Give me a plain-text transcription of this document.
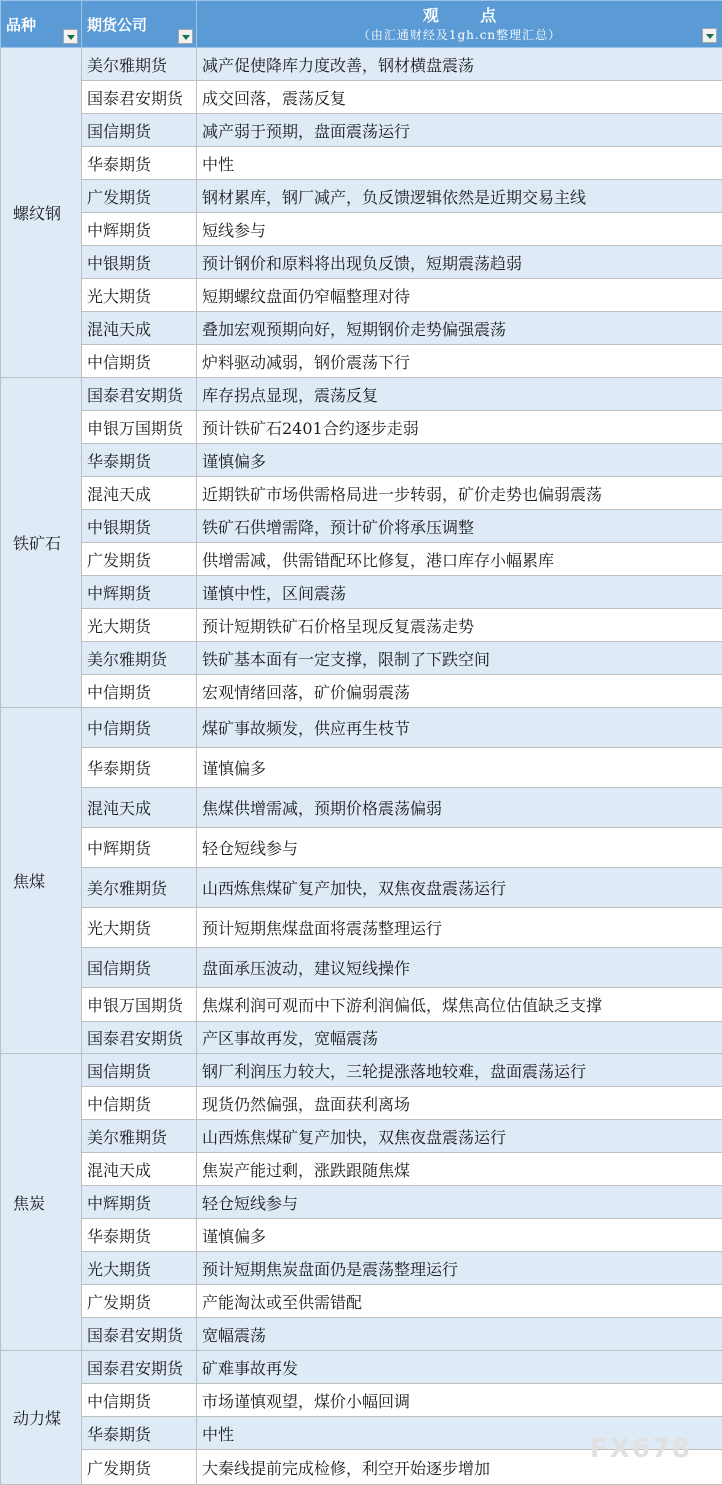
品种	期货公司	观 点
（由汇通财经及1gh.cn整理汇总）

螺纹钢	美尔雅期货	减产促使降库力度改善，钢材横盘震荡
	国泰君安期货	成交回落，震荡反复
	国信期货	减产弱于预期，盘面震荡运行
	华泰期货	中性
	广发期货	钢材累库，钢厂减产，负反馈逻辑依然是近期交易主线
	中辉期货	短线参与
	中银期货	预计钢价和原料将出现负反馈，短期震荡趋弱
	光大期货	短期螺纹盘面仍窄幅整理对待
	混沌天成	叠加宏观预期向好，短期钢价走势偏强震荡
	中信期货	炉料驱动减弱，钢价震荡下行
铁矿石	国泰君安期货	库存拐点显现，震荡反复
	申银万国期货	预计铁矿石2401合约逐步走弱
	华泰期货	谨慎偏多
	混沌天成	近期铁矿市场供需格局进一步转弱，矿价走势也偏弱震荡
	中银期货	铁矿石供增需降，预计矿价将承压调整
	广发期货	供增需减，供需错配环比修复，港口库存小幅累库
	中辉期货	谨慎中性，区间震荡
	光大期货	预计短期铁矿石价格呈现反复震荡走势
	美尔雅期货	铁矿基本面有一定支撑，限制了下跌空间
	中信期货	宏观情绪回落，矿价偏弱震荡
焦煤	中信期货	煤矿事故频发，供应再生枝节
	华泰期货	谨慎偏多
	混沌天成	焦煤供增需减，预期价格震荡偏弱
	中辉期货	轻仓短线参与
	美尔雅期货	山西炼焦煤矿复产加快，双焦夜盘震荡运行
	光大期货	预计短期焦煤盘面将震荡整理运行
	国信期货	盘面承压波动，建议短线操作
	申银万国期货	焦煤利润可观而中下游利润偏低，煤焦高位估值缺乏支撑
	国泰君安期货	产区事故再发，宽幅震荡
焦炭	国信期货	钢厂利润压力较大，三轮提涨落地较难，盘面震荡运行
	中信期货	现货仍然偏强，盘面获利离场
	美尔雅期货	山西炼焦煤矿复产加快，双焦夜盘震荡运行
	混沌天成	焦炭产能过剩，涨跌跟随焦煤
	中辉期货	轻仓短线参与
	华泰期货	谨慎偏多
	光大期货	预计短期焦炭盘面仍是震荡整理运行
	广发期货	产能淘汰或至供需错配
	国泰君安期货	宽幅震荡
动力煤	国泰君安期货	矿难事故再发
	中信期货	市场谨慎观望，煤价小幅回调
	华泰期货	中性
	广发期货	大秦线提前完成检修，利空开始逐步增加
FX678
